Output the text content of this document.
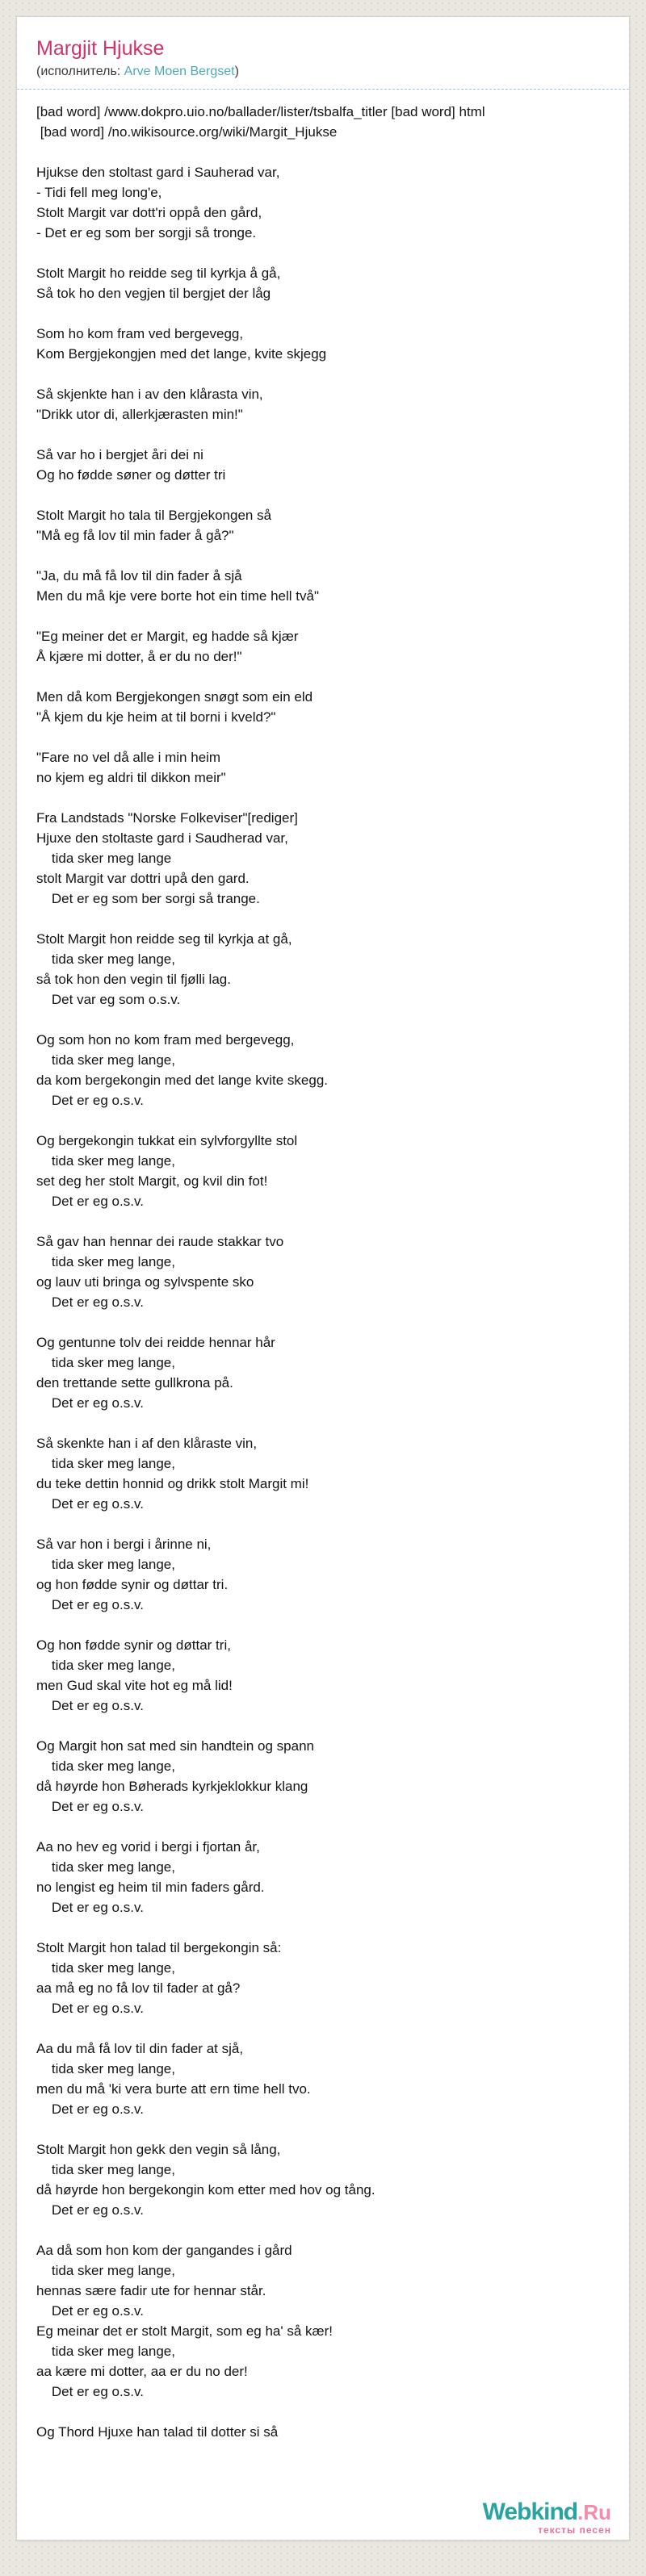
Margjit Hjukse
(исполнитель: Arve Moen Bergset)
[bad word] /www.dokpro.uio.no/ballader/lister/tsbalfa_titler [bad word] html
[bad word] /no.wikisource.org/wiki/Margit_Hjukse
Hjukse den stoltast gard i Sauherad var,
- Tidi fell meg long'e,
Stolt Margit var dott'ri oppå den gård,
- Det er eg som ber sorgji så tronge.
Stolt Margit ho reidde seg til kyrkja å gå,
Så tok ho den vegjen til bergjet der låg
Som ho kom fram ved bergevegg,
Kom Bergjekongjen med det lange, kvite skjegg
Så skjenkte han i av den klårasta vin,
"Drikk utor di, allerkjærasten min!"
Så var ho i bergjet åri dei ni
Og ho fødde søner og døtter tri
Stolt Margit ho tala til Bergjekongen så
"Må eg få lov til min fader å gå?"
"Ja, du må få lov til din fader å sjå
Men du må kje vere borte hot ein time hell två"
"Eg meiner det er Margit, eg hadde så kjær
Å kjære mi dotter, å er du no der!"
Men då kom Bergjekongen snøgt som ein eld
"Å kjem du kje heim at til borni i kveld?"
"Fare no vel då alle i min heim
no kjem eg aldri til dikkon meir"
Fra Landstads "Norske Folkeviser"[rediger]
Hjuxe den stoltaste gard i Saudherad var,
tida sker meg lange
stolt Margit var dottri upå den gard.
Det er eg som ber sorgi så trange.
Stolt Margit hon reidde seg til kyrkja at gå,
tida sker meg lange,
så tok hon den vegin til fjølli lag.
Det var eg som o.s.v.
Og som hon no kom fram med bergevegg,
tida sker meg lange,
da kom bergekongin med det lange kvite skegg.
Det er eg o.s.v.
Og bergekongin tukkat ein sylvforgyllte stol
tida sker meg lange,
set deg her stolt Margit, og kvil din fot!
Det er eg o.s.v.
Så gav han hennar dei raude stakkar tvo
tida sker meg lange,
og lauv uti bringa og sylvspente sko
Det er eg o.s.v.
Og gentunne tolv dei reidde hennar hår
tida sker meg lange,
den trettande sette gullkrona på.
Det er eg o.s.v.
Så skenkte han i af den klåraste vin,
tida sker meg lange,
du teke dettin honnid og drikk stolt Margit mi!
Det er eg o.s.v.
Så var hon i bergi i årinne ni,
tida sker meg lange,
og hon fødde synir og døttar tri.
Det er eg o.s.v.
Og hon fødde synir og døttar tri,
tida sker meg lange,
men Gud skal vite hot eg må lid!
Det er eg o.s.v.
Og Margit hon sat med sin handtein og spann
tida sker meg lange,
då høyrde hon Bøherads kyrkjeklokkur klang
Det er eg o.s.v.
Aa no hev eg vorid i bergi i fjortan år,
tida sker meg lange,
no lengist eg heim til min faders gård.
Det er eg o.s.v.
Stolt Margit hon talad til bergekongin så:
tida sker meg lange,
aa må eg no få lov til fader at gå?
Det er eg o.s.v.
Aa du må få lov til din fader at sjå,
tida sker meg lange,
men du må 'ki vera burte att ern time hell tvo.
Det er eg o.s.v.
Stolt Margit hon gekk den vegin så lång,
tida sker meg lange,
då høyrde hon bergekongin kom etter med hov og tång.
Det er eg o.s.v.
Aa då som hon kom der gangandes i gård
tida sker meg lange,
hennas sære fadir ute for hennar står.
Det er eg o.s.v.
Eg meinar det er stolt Margit, som eg ha' så kær!
tida sker meg lange,
aa kære mi dotter, aa er du no der!
Det er eg o.s.v.
Og Thord Hjuxe han talad til dotter si så
Webkind.Ru
тексты песен
